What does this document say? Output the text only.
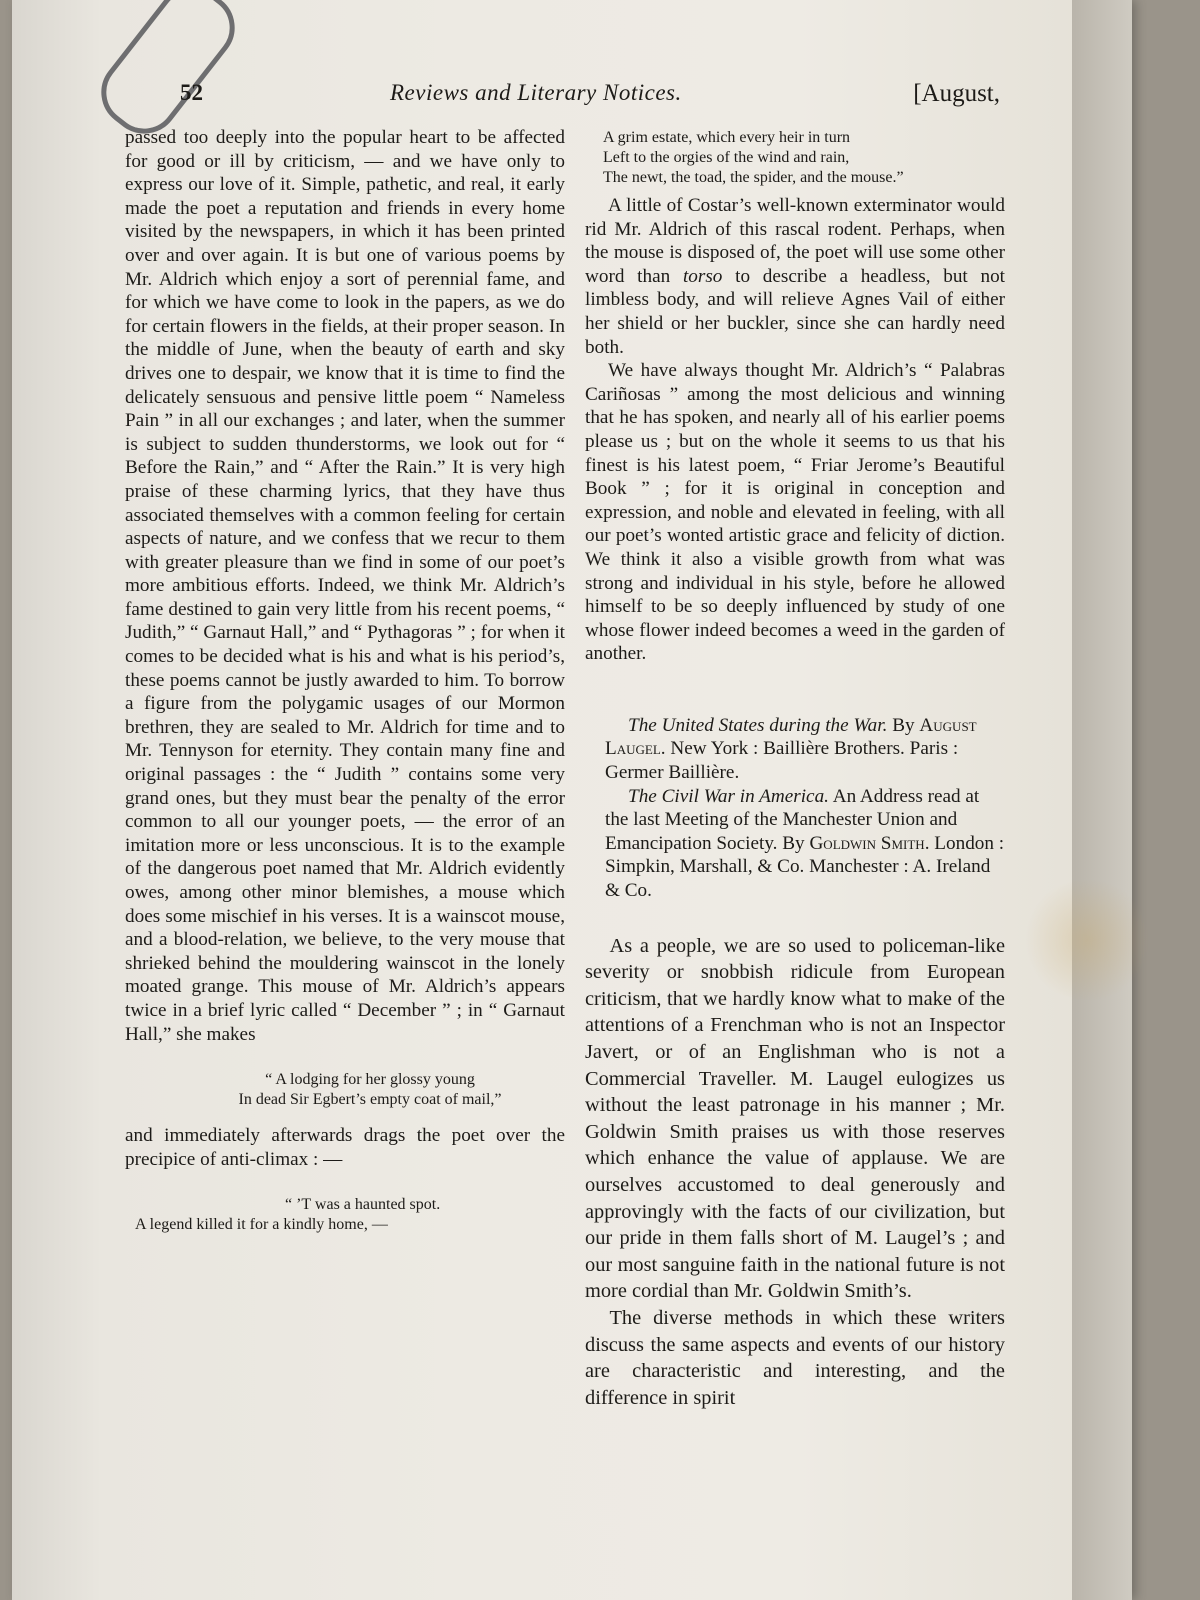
52	Reviews and Literary Notices.	[August,

passed too deeply into the popular heart to be affected for good or ill by criticism, — and we have only to express our love of it. Simple, pathetic, and real, it early made the poet a reputation and friends in every home visited by the newspapers, in which it has been printed over and over again. It is but one of various poems by Mr. Aldrich which enjoy a sort of perennial fame, and for which we have come to look in the papers, as we do for certain flowers in the fields, at their proper season. In the middle of June, when the beauty of earth and sky drives one to despair, we know that it is time to find the delicately sensuous and pensive little poem “ Nameless Pain ” in all our exchanges ; and later, when the summer is subject to sudden thunderstorms, we look out for “ Before the Rain,” and “ After the Rain.” It is very high praise of these charming lyrics, that they have thus associated themselves with a common feeling for certain aspects of nature, and we confess that we recur to them with greater pleasure than we find in some of our poet’s more ambitious efforts. Indeed, we think Mr. Aldrich’s fame destined to gain very little from his recent poems, “ Judith,” “ Garnaut Hall,” and “ Pythagoras ” ; for when it comes to be decided what is his and what is his period’s, these poems cannot be justly awarded to him. To borrow a figure from the polygamic usages of our Mormon brethren, they are sealed to Mr. Aldrich for time and to Mr. Tennyson for eternity. They contain many fine and original passages : the “ Judith ” contains some very grand ones, but they must bear the penalty of the error common to all our younger poets, — the error of an imitation more or less unconscious. It is to the example of the dangerous poet named that Mr. Aldrich evidently owes, among other minor blemishes, a mouse which does some mischief in his verses. It is a wainscot mouse, and a blood-relation, we believe, to the very mouse that shrieked behind the mouldering wainscot in the lonely moated grange. This mouse of Mr. Aldrich’s appears twice in a brief lyric called “ December ” ; in “ Garnaut Hall,” she makes

“ A lodging for her glossy young
In dead Sir Egbert’s empty coat of mail,”

and immediately afterwards drags the poet over the precipice of anti-climax : —

“ ’T was a haunted spot.
A legend killed it for a kindly home, —
A grim estate, which every heir in turn
Left to the orgies of the wind and rain,
The newt, the toad, the spider, and the mouse.”

A little of Costar’s well-known exterminator would rid Mr. Aldrich of this rascal rodent. Perhaps, when the mouse is disposed of, the poet will use some other word than torso to describe a headless, but not limbless body, and will relieve Agnes Vail of either her shield or her buckler, since she can hardly need both.

We have always thought Mr. Aldrich’s “ Palabras Cariñosas ” among the most delicious and winning that he has spoken, and nearly all of his earlier poems please us ; but on the whole it seems to us that his finest is his latest poem, “ Friar Jerome’s Beautiful Book ” ; for it is original in conception and expression, and noble and elevated in feeling, with all our poet’s wonted artistic grace and felicity of diction. We think it also a visible growth from what was strong and individual in his style, before he allowed himself to be so deeply influenced by study of one whose flower indeed becomes a weed in the garden of another.

The United States during the War. By August Laugel. New York : Baillière Brothers. Paris : Germer Baillière.

The Civil War in America. An Address read at the last Meeting of the Manchester Union and Emancipation Society. By Goldwin Smith. London : Simpkin, Marshall, & Co. Manchester : A. Ireland & Co.

As a people, we are so used to policeman-like severity or snobbish ridicule from European criticism, that we hardly know what to make of the attentions of a Frenchman who is not an Inspector Javert, or of an Englishman who is not a Commercial Traveller. M. Laugel eulogizes us without the least patronage in his manner ; Mr. Goldwin Smith praises us with those reserves which enhance the value of applause. We are ourselves accustomed to deal generously and approvingly with the facts of our civilization, but our pride in them falls short of M. Laugel’s ; and our most sanguine faith in the national future is not more cordial than Mr. Goldwin Smith’s.

The diverse methods in which these writers discuss the same aspects and events of our history are characteristic and interesting, and the difference in spirit
